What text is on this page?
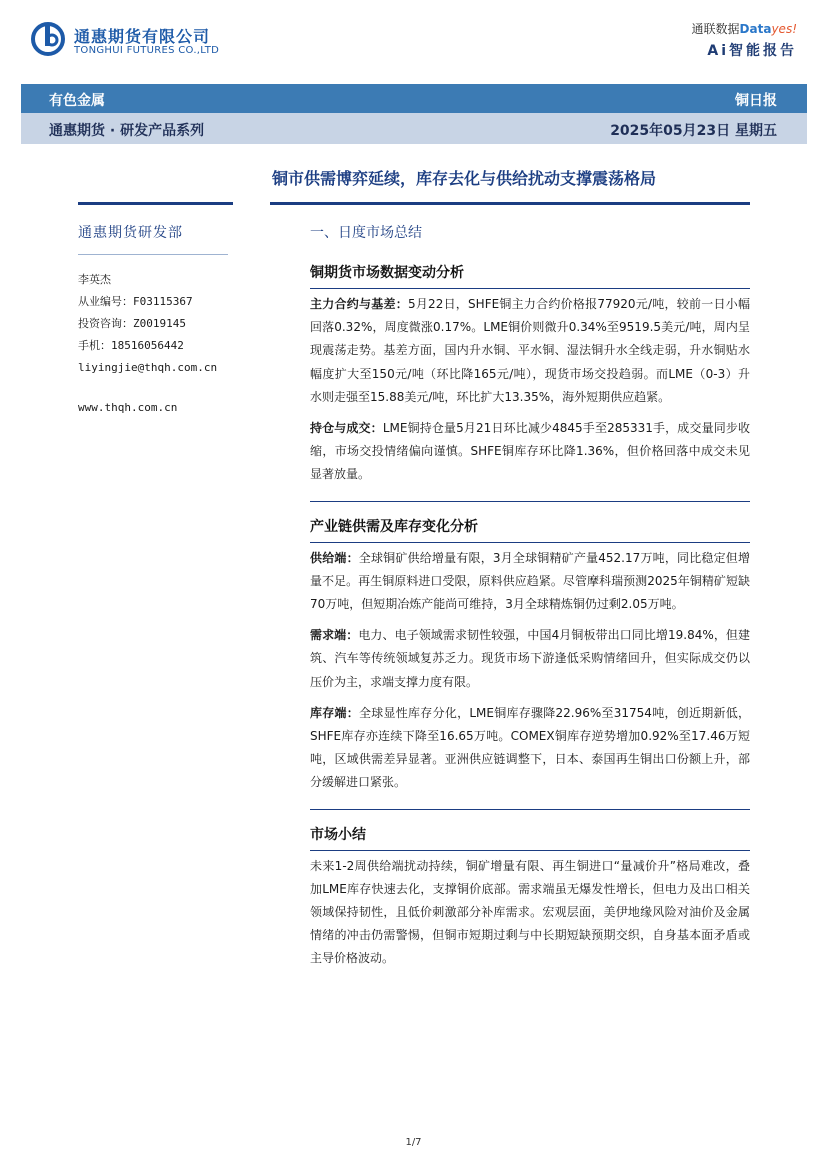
通惠期货有限公司
TONGHUI FUTURES CO.,LTD
通联数据Datayes!
Ai智能报告
有色金属	铜日报
通惠期货 · 研发产品系列	2025年05月23日 星期五
铜市供需博弈延续，库存去化与供给扰动支撑震荡格局
通惠期货研发部
李英杰
从业编号：F03115367
投资咨询：Z0019145
手机：18516056442
liyingjie@thqh.com.cn
www.thqh.com.cn
一、日度市场总结
铜期货市场数据变动分析

主力合约与基差：5月22日，SHFE铜主力合约价格报77920元/吨，较前一日小幅回落0.32%，周度微涨0.17%。LME铜价则微升0.34%至9519.5美元/吨，周内呈现震荡走势。基差方面，国内升水铜、平水铜、湿法铜升水全线走弱，升水铜贴水幅度扩大至150元/吨（环比降165元/吨），现货市场交投趋弱。而LME（0-3）升水则走强至15.88美元/吨，环比扩大13.35%，海外短期供应趋紧。

持仓与成交：LME铜持仓量5月21日环比减少4845手至285331手，成交量同步收缩，市场交投情绪偏向谨慎。SHFE铜库存环比降1.36%，但价格回落中成交未见显著放量。

产业链供需及库存变化分析

供给端：全球铜矿供给增量有限，3月全球铜精矿产量452.17万吨，同比稳定但增量不足。再生铜原料进口受限，原料供应趋紧。尽管摩科瑞预测2025年铜精矿短缺70万吨，但短期冶炼产能尚可维持，3月全球精炼铜仍过剩2.05万吨。

需求端：电力、电子领域需求韧性较强，中国4月铜板带出口同比增19.84%，但建筑、汽车等传统领域复苏乏力。现货市场下游逢低采购情绪回升，但实际成交仍以压价为主，求端支撑力度有限。

库存端：全球显性库存分化，LME铜库存骤降22.96%至31754吨，创近期新低，SHFE库存亦连续下降至16.65万吨。COMEX铜库存逆势增加0.92%至17.46万短吨，区域供需差异显著。亚洲供应链调整下，日本、泰国再生铜出口份额上升，部分缓解进口紧张。

市场小结

未来1-2周供给端扰动持续，铜矿增量有限、再生铜进口“量减价升”格局难改，叠加LME库存快速去化，支撑铜价底部。需求端虽无爆发性增长，但电力及出口相关领域保持韧性，且低价刺激部分补库需求。宏观层面，美伊地缘风险对油价及金属情绪的冲击仍需警惕，但铜市短期过剩与中长期短缺预期交织，自身基本面矛盾或主导价格波动。

1/7
